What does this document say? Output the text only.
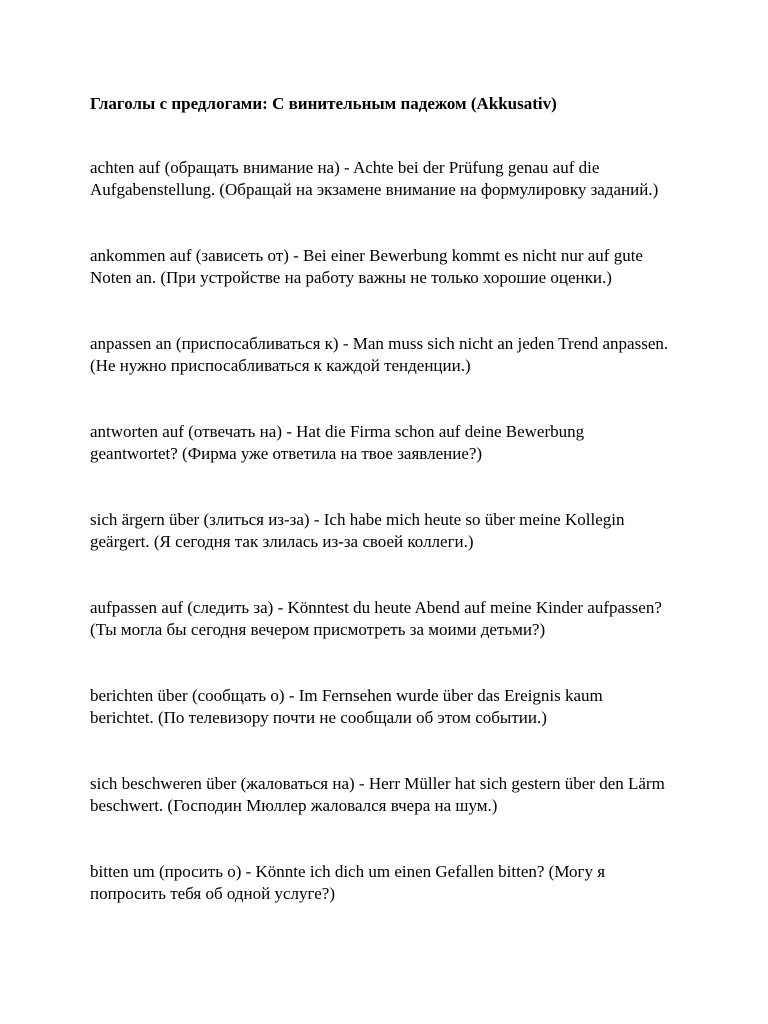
Глаголы с предлогами: С винительным падежом (Akkusativ)

achten auf (обращать внимание на) - Achte bei der Prüfung genau auf die Aufgabenstellung. (Обращай на экзамене внимание на формулировку заданий.)

ankommen auf (зависеть от) - Bei einer Bewerbung kommt es nicht nur auf gute Noten an. (При устройстве на работу важны не только хорошие оценки.)

anpassen an (приспосабливаться к) - Man muss sich nicht an jeden Trend anpassen. (Не нужно приспосабливаться к каждой тенденции.)

antworten auf (отвечать на) - Hat die Firma schon auf deine Bewerbung geantwortet? (Фирма уже ответила на твое заявление?)

sich ärgern über (злиться из-за) - Ich habe mich heute so über meine Kollegin geärgert. (Я сегодня так злилась из-за своей коллеги.)

aufpassen auf (следить за) - Könntest du heute Abend auf meine Kinder aufpassen? (Ты могла бы сегодня вечером присмотреть за моими детьми?)

berichten über (сообщать о) - Im Fernsehen wurde über das Ereignis kaum berichtet. (По телевизору почти не сообщали об этом событии.)

sich beschweren über (жаловаться на) - Herr Müller hat sich gestern über den Lärm beschwert. (Господин Мюллер жаловался вчера на шум.)

bitten um (просить о) - Könnte ich dich um einen Gefallen bitten? (Могу я попросить тебя об одной услуге?)
